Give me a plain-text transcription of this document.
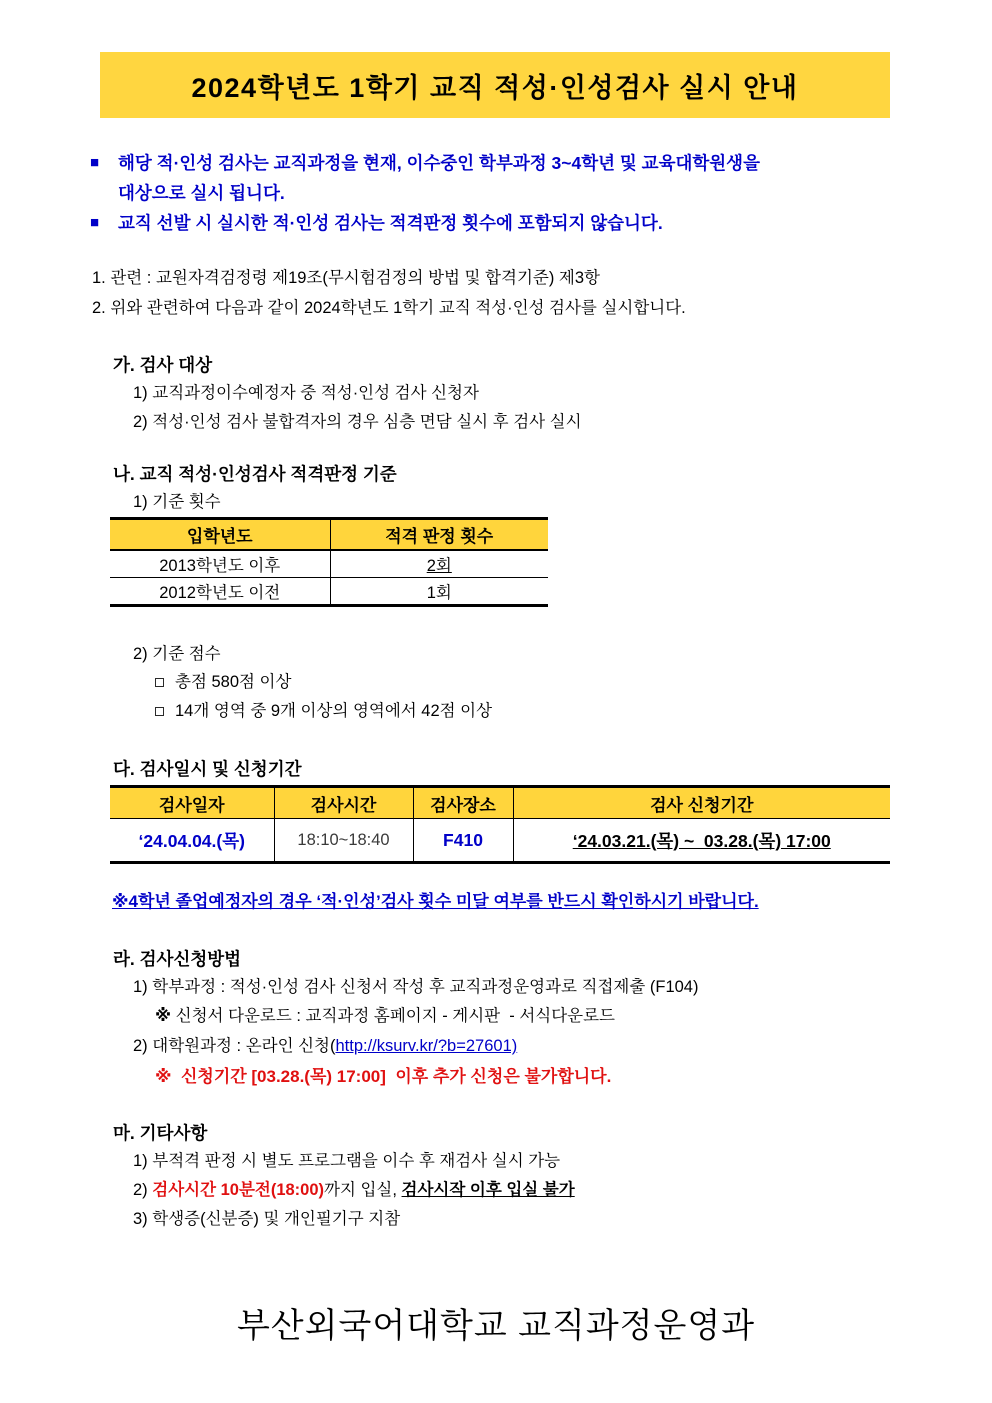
2024학년도 1학기 교직 적성·인성검사 실시 안내
■	해당 적·인성 검사는 교직과정을 현재, 이수중인 학부과정 3~4학년 및 교육대학원생을
대상으로 실시 됩니다.
■	교직 선발 시 실시한 적·인성 검사는 적격판정 횟수에 포함되지 않습니다.
1. 관련 : 교원자격검정령 제19조(무시험검정의 방법 및 합격기준) 제3항
2. 위와 관련하여 다음과 같이 2024학년도 1학기 교직 적성·인성 검사를 실시합니다.
가. 검사 대상
1) 교직과정이수예정자 중 적성·인성 검사 신청자
2) 적성·인성 검사 불합격자의 경우 심층 면담 실시 후 검사 실시
나. 교직 적성·인성검사 적격판정 기준
1) 기준 횟수
입학년도	적격 판정 횟수
2013학년도 이후	2회
2012학년도 이전	1회
2) 기준 점수
총점 580점 이상
14개 영역 중 9개 이상의 영역에서 42점 이상
다. 검사일시 및 신청기간
검사일자	검사시간	검사장소	검사 신청기간
‘24.04.04.(목)	18:10~18:40	F410	‘24.03.21.(목) ~  03.28.(목) 17:00
※4학년 졸업예정자의 경우 ‘적·인성’검사 횟수 미달 여부를 반드시 확인하시기 바랍니다.
라. 검사신청방법
1) 학부과정 : 적성·인성 검사 신청서 작성 후 교직과정운영과로 직접제출 (F104)
※ 신청서 다운로드 : 교직과정 홈페이지 - 게시판  - 서식다운로드
2) 대학원과정 : 온라인 신청(http://ksurv.kr/?b=27601)
※  신청기간 [03.28.(목) 17:00]  이후 추가 신청은 불가합니다.
마. 기타사항
1) 부적격 판정 시 별도 프로그램을 이수 후 재검사 실시 가능
2) 검사시간 10분전(18:00)까지 입실, 검사시작 이후 입실 불가
3) 학생증(신분증) 및 개인필기구 지참
부산외국어대학교 교직과정운영과
